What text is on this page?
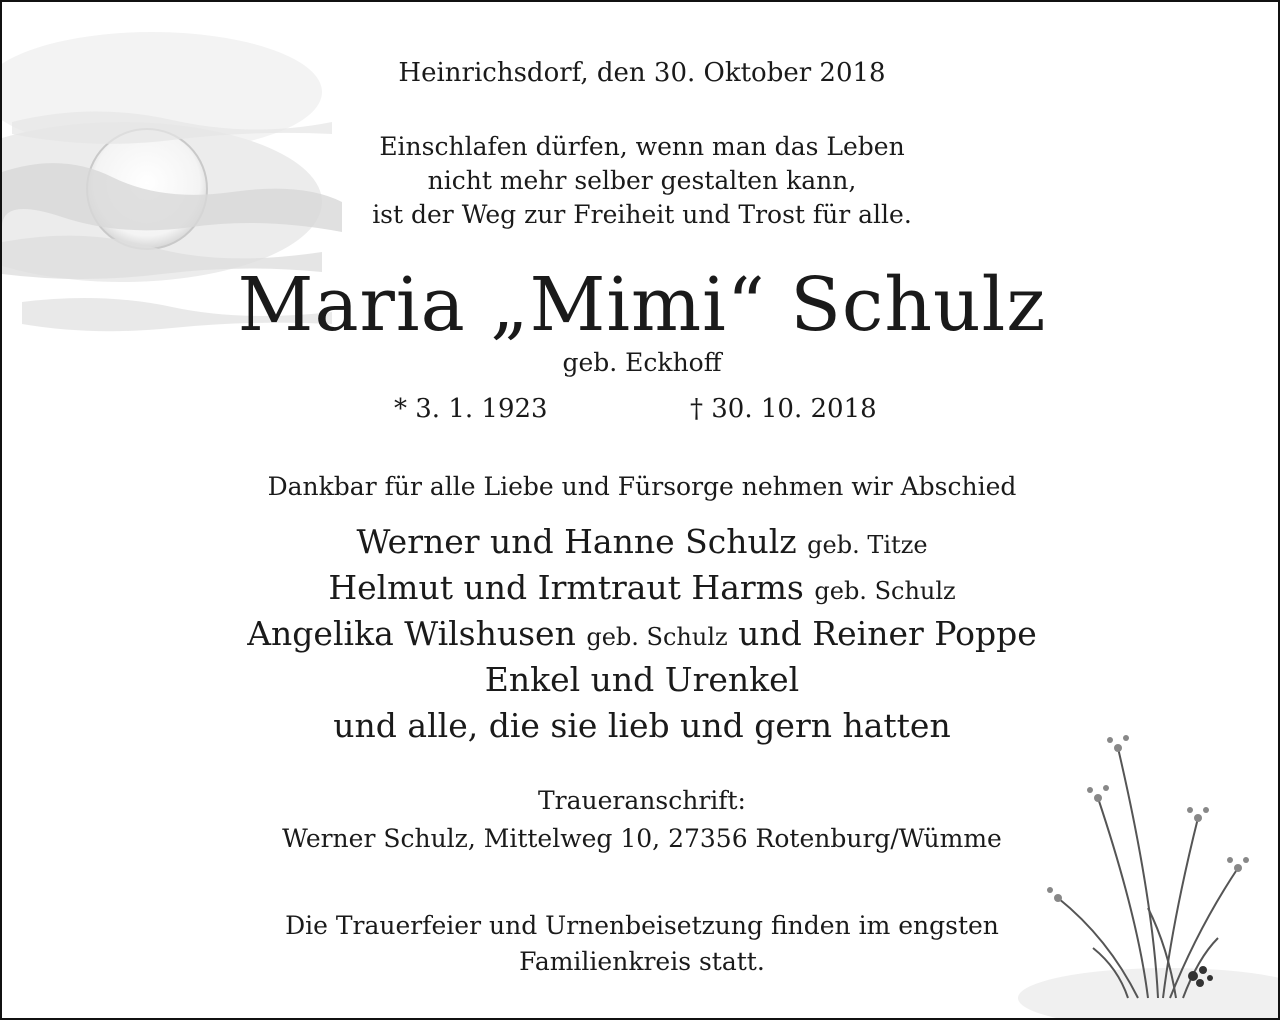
Heinrichsdorf, den 30. Oktober 2018
Einschlafen dürfen, wenn man das Leben
nicht mehr selber gestalten kann,
ist der Weg zur Freiheit und Trost für alle.
Maria „Mimi“ Schulz
geb. Eckhoff
* 3. 1. 1923	† 30. 10. 2018
Dankbar für alle Liebe und Fürsorge nehmen wir Abschied
Werner und Hanne Schulz geb. Titze
Helmut und Irmtraut Harms geb. Schulz
Angelika Wilshusen geb. Schulz und Reiner Poppe
Enkel und Urenkel
und alle, die sie lieb und gern hatten
Traueranschrift:
Werner Schulz, Mittelweg 10, 27356 Rotenburg/Wümme
Die Trauerfeier und Urnenbeisetzung finden im engsten
Familienkreis statt.
